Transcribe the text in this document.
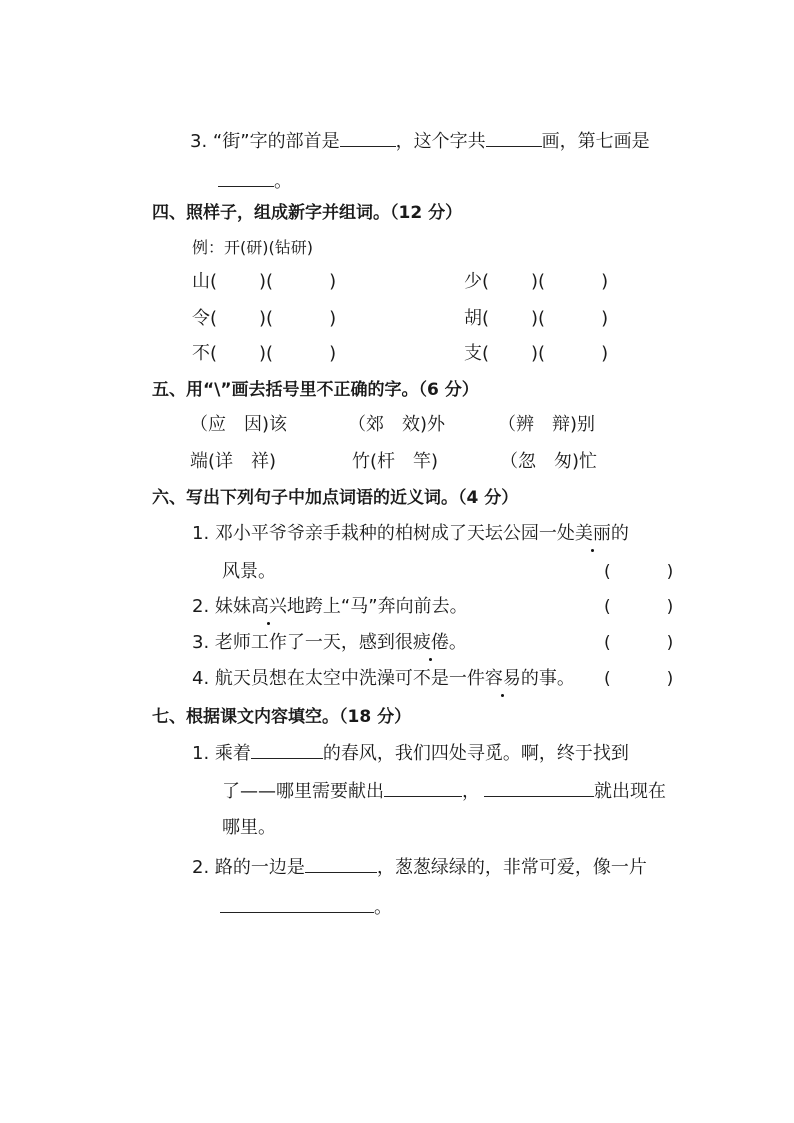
3. “街”字的部首是	，这个字共	画，第七画是
。
四、照样子，组成新字并组词。（12 分）
例：开(研)(钻研)
山( )(	)	少( )(	)
令( )(	)	胡( )(	)
不( )(	)	支( )(	)
五、用“\”画去括号里不正确的字。（6 分）
（应　因)该	（郊　效)外	（辨　辩)别
端(详　祥)	竹(杆　竿)	（忽　匆)忙
六、写出下列句子中加点词语的近义词。（4 分）
1. 邓小平爷爷亲手栽种的柏树成了天坛公园一处美丽的
风景。	(	)
2. 妹妹高兴地跨上“马”奔向前去。	(	)
3. 老师工作了一天，感到很疲倦。	(	)
4. 航天员想在太空中洗澡可不是一件容易的事。 (	)
七、根据课文内容填空。（18 分）
1. 乘着	的春风，我们四处寻觅。啊，终于找到
了——哪里需要献出	，	就出现在
哪里。
2. 路的一边是	，葱葱绿绿的，非常可爱，像一片
。
